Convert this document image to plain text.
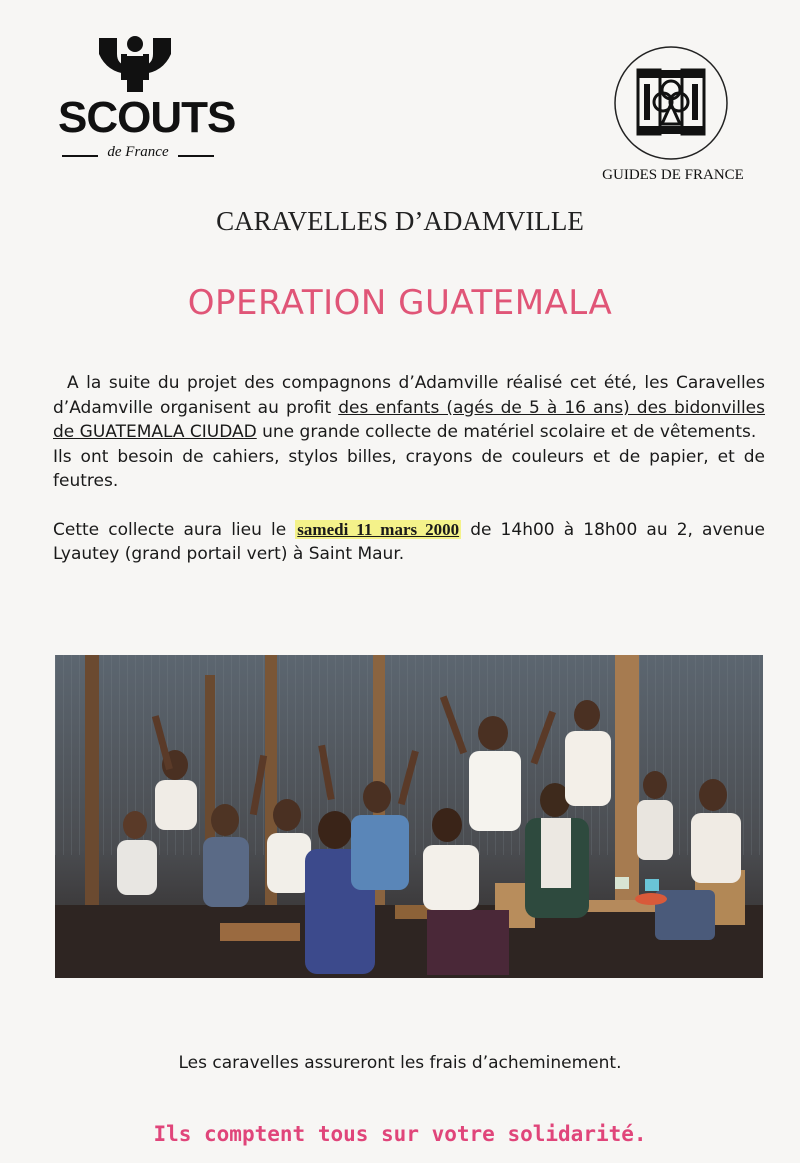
SCOUTS
de France
GUIDES DE FRANCE
CARAVELLES D’ADAMVILLE
OPERATION GUATEMALA

A la suite du projet des compagnons d’Adamville réalisé cet été, les Caravelles d’Adamville organisent au profit des enfants (agés de 5 à 16 ans) des bidonvilles de GUATEMALA CIUDAD une grande collecte de matériel scolaire et de vêtements.

Ils ont besoin de cahiers, stylos billes, crayons de couleurs et de papier, et de feutres.

Cette collecte aura lieu le samedi 11 mars 2000 de 14h00 à 18h00 au 2, avenue Lyautey (grand portail vert) à Saint Maur.

Les caravelles assureront les frais d’acheminement.
Ils comptent tous sur votre solidarité.
